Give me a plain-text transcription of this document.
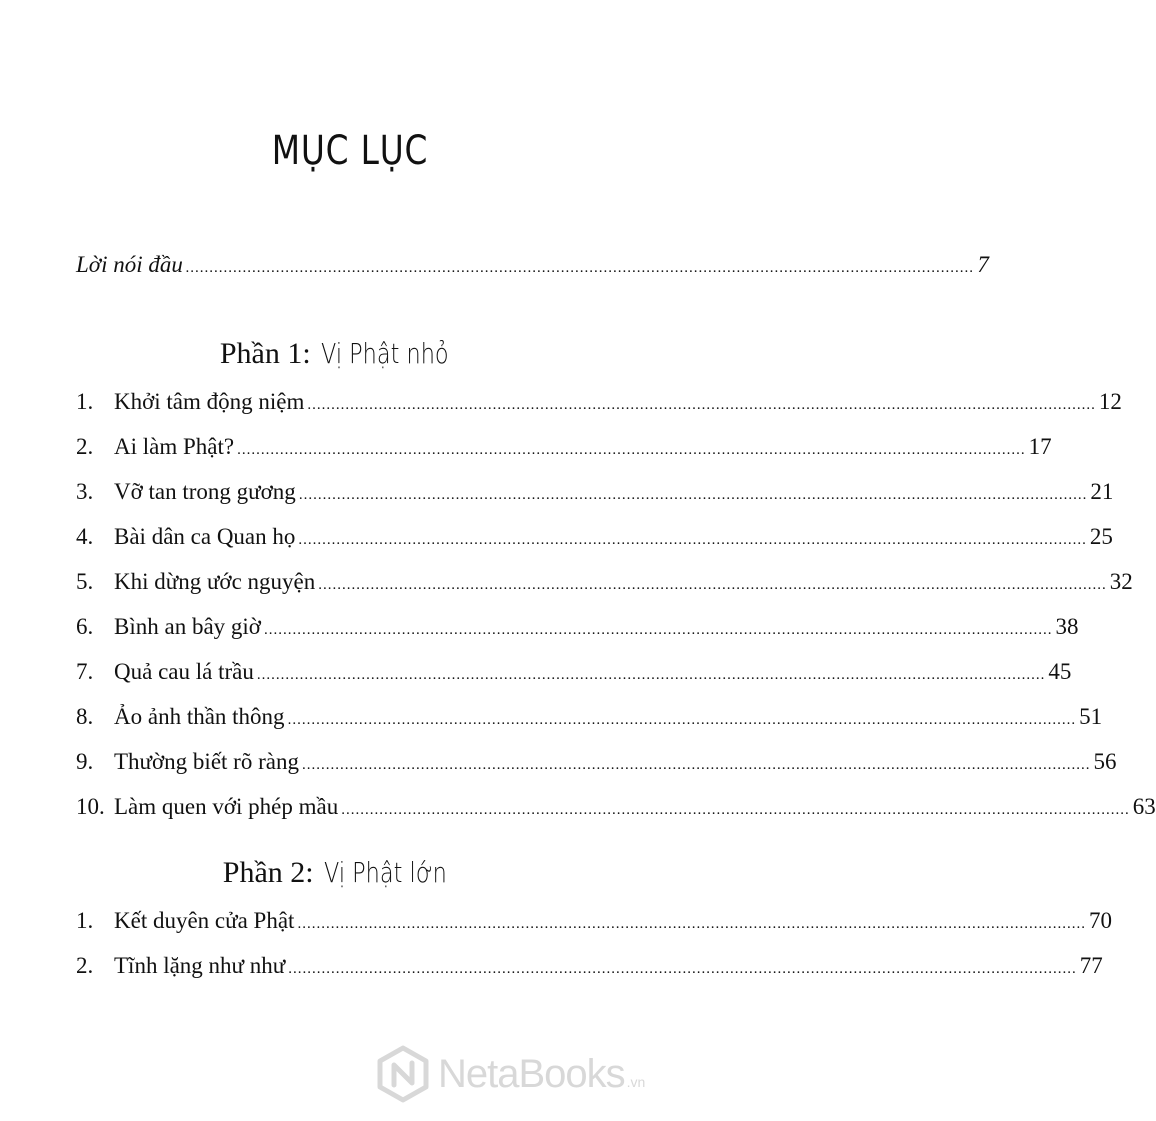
MỤC LỤC
Lời nói đầu ...................................................................................................................................................................... 7
Phần 1: Vị Phật nhỏ
1. Khởi tâm động niệm ...................................................................................................................................................................... 12
2. Ai làm Phật? ...................................................................................................................................................................... 17
3. Vỡ tan trong gương ...................................................................................................................................................................... 21
4. Bài dân ca Quan họ ...................................................................................................................................................................... 25
5. Khi dừng ước nguyện ...................................................................................................................................................................... 32
6. Bình an bây giờ ...................................................................................................................................................................... 38
7. Quả cau lá trầu ...................................................................................................................................................................... 45
8. Ảo ảnh thần thông ...................................................................................................................................................................... 51
9. Thường biết rõ ràng ...................................................................................................................................................................... 56
10. Làm quen với phép mầu ...................................................................................................................................................................... 63
Phần 2: Vị Phật lớn
1. Kết duyên cửa Phật ...................................................................................................................................................................... 70
2. Tĩnh lặng như như ...................................................................................................................................................................... 77
NetaBooks .vn
